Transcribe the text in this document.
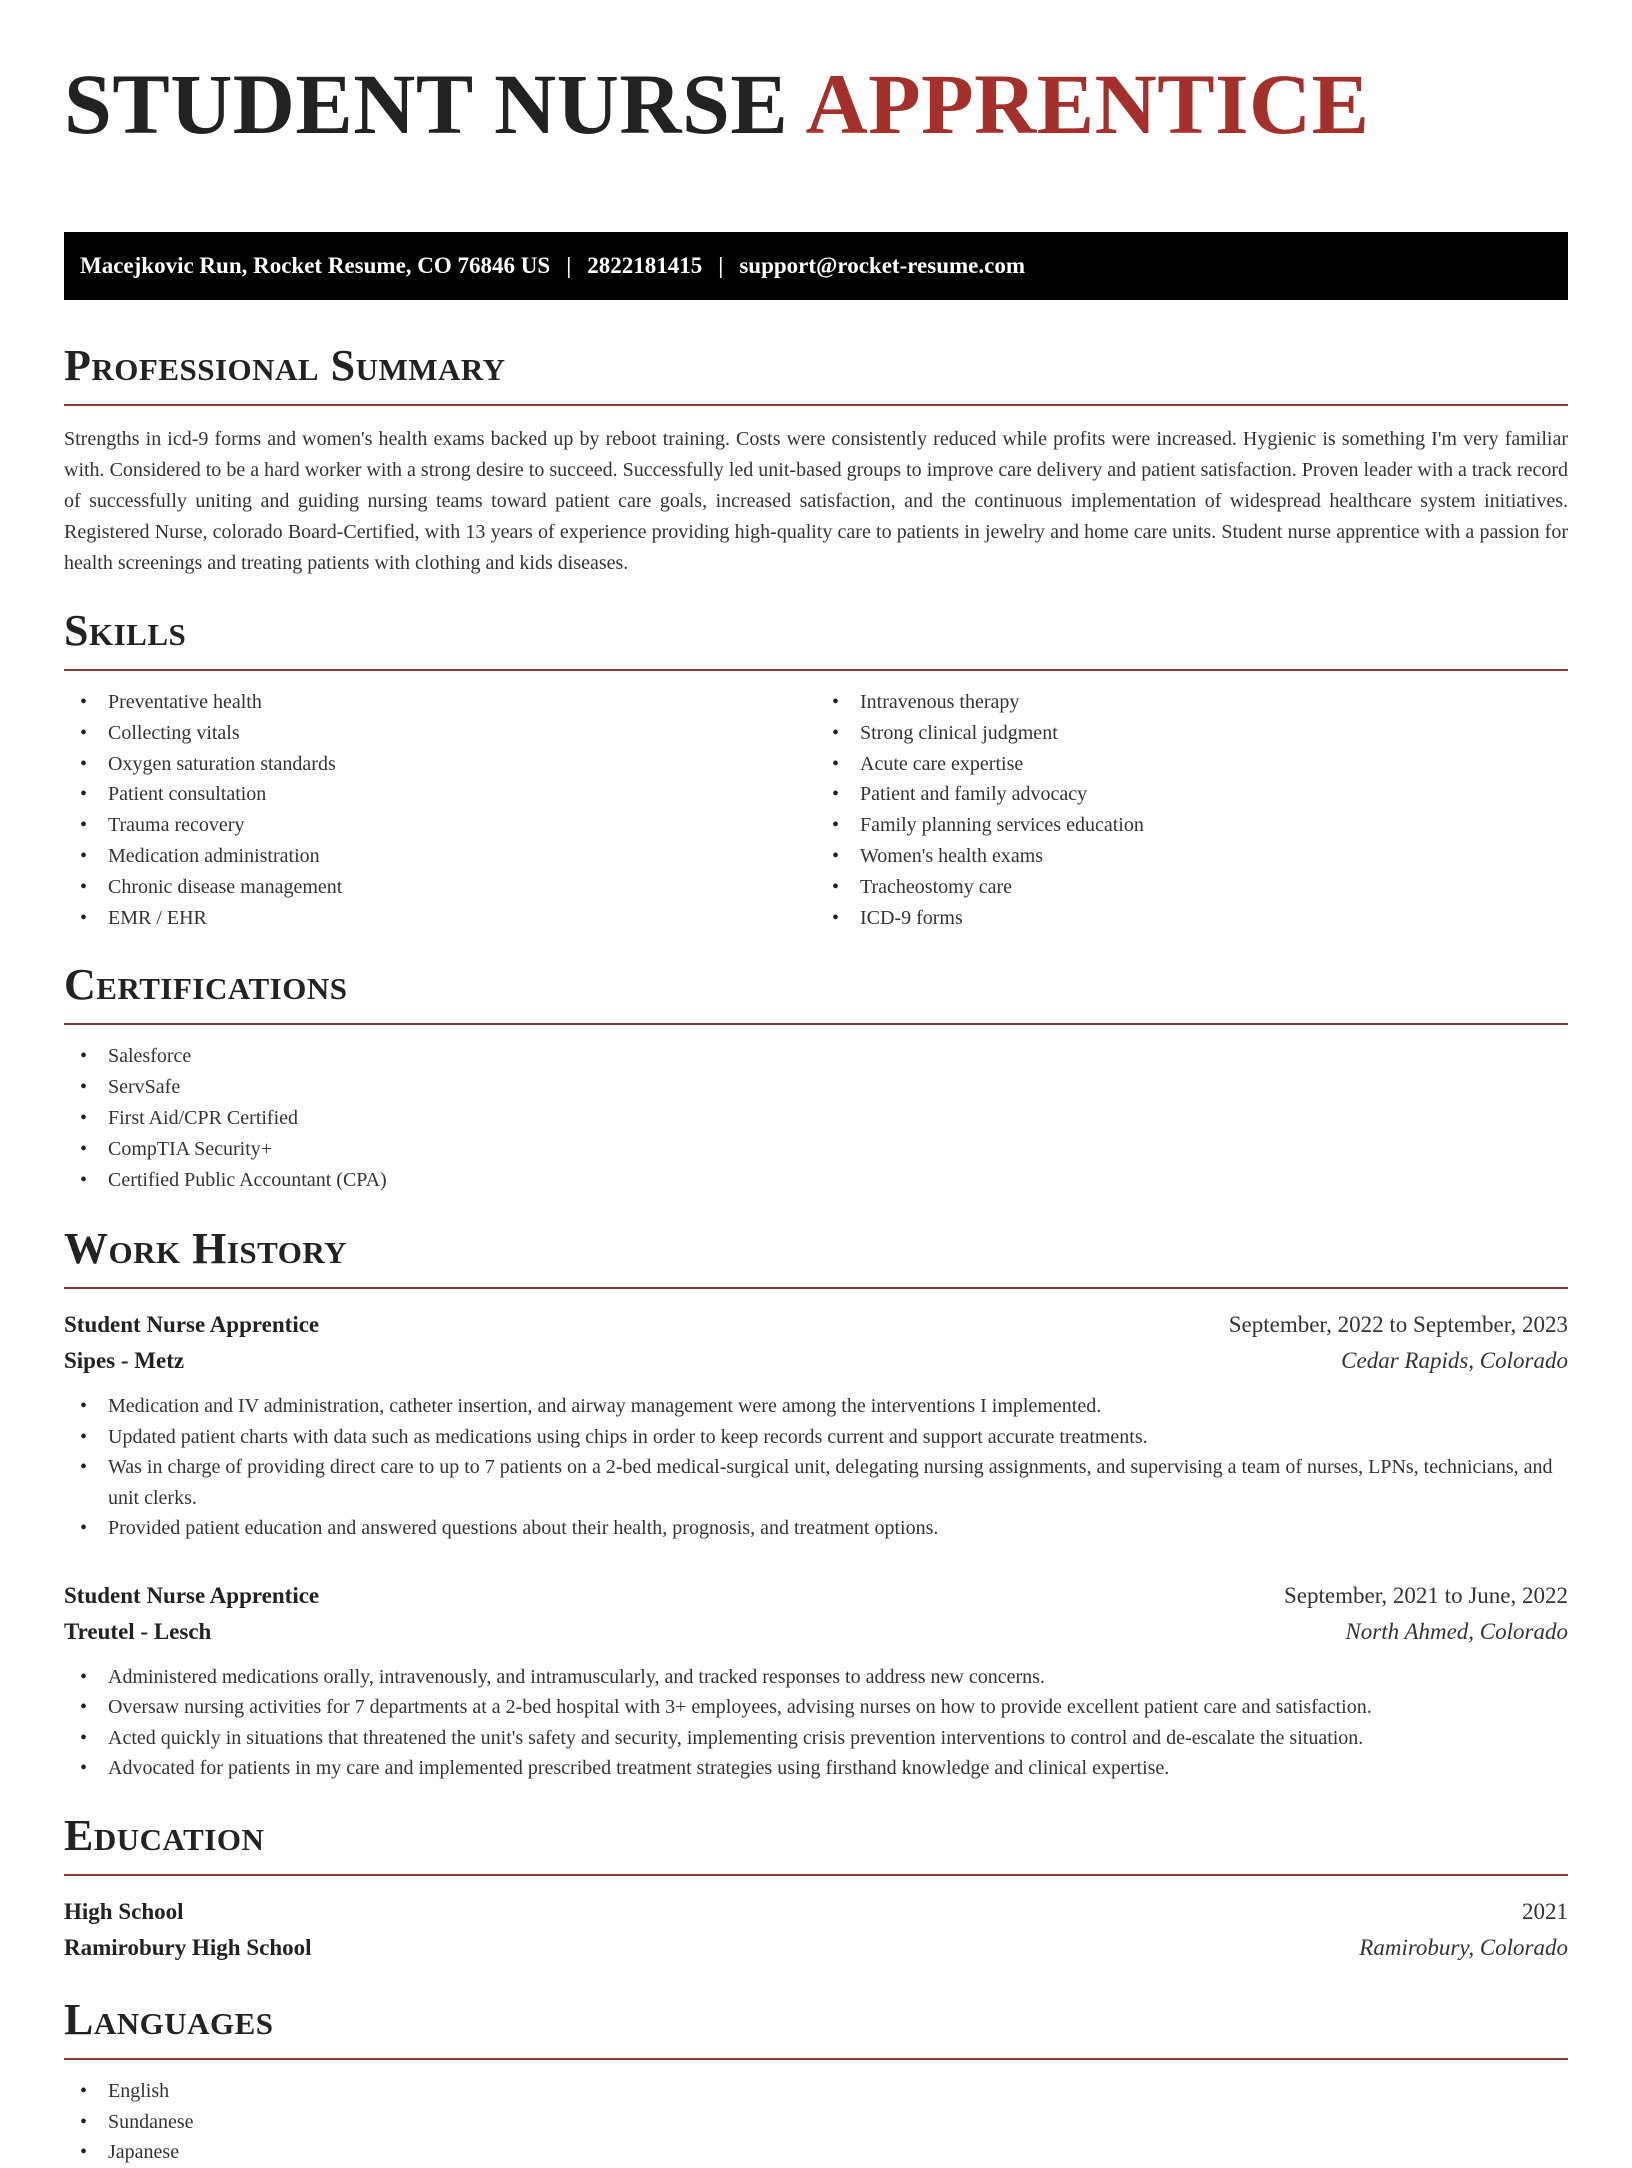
STUDENT NURSE APPRENTICE
Macejkovic Run, Rocket Resume, CO 76846 US | 2822181415 | support@rocket-resume.com
Professional Summary

Strengths in icd-9 forms and women's health exams backed up by reboot training. Costs were consistently reduced while profits were increased. Hygienic is something I'm very familiar with. Considered to be a hard worker with a strong desire to succeed. Successfully led unit-based groups to improve care delivery and patient satisfaction. Proven leader with a track record of successfully uniting and guiding nursing teams toward patient care goals, increased satisfaction, and the continuous implementation of widespread healthcare system initiatives. Registered Nurse, colorado Board-Certified, with 13 years of experience providing high-quality care to patients in jewelry and home care units. Student nurse apprentice with a passion for health screenings and treating patients with clothing and kids diseases.

Skills
• Preventative health
• Collecting vitals
• Oxygen saturation standards
• Patient consultation
• Trauma recovery
• Medication administration
• Chronic disease management
• EMR / EHR
• Intravenous therapy
• Strong clinical judgment
• Acute care expertise
• Patient and family advocacy
• Family planning services education
• Women's health exams
• Tracheostomy care
• ICD-9 forms
Certifications
• Salesforce
• ServSafe
• First Aid/CPR Certified
• CompTIA Security+
• Certified Public Accountant (CPA)
Work History
Student Nurse Apprentice	September, 2022 to September, 2023
Sipes - Metz	Cedar Rapids, Colorado
• Medication and IV administration, catheter insertion, and airway management were among the interventions I implemented.
• Updated patient charts with data such as medications using chips in order to keep records current and support accurate treatments.
• Was in charge of providing direct care to up to 7 patients on a 2-bed medical-surgical unit, delegating nursing assignments, and supervising a team of nurses, LPNs, technicians, and unit clerks.
• Provided patient education and answered questions about their health, prognosis, and treatment options.
Student Nurse Apprentice	September, 2021 to June, 2022
Treutel - Lesch	North Ahmed, Colorado
• Administered medications orally, intravenously, and intramuscularly, and tracked responses to address new concerns.
• Oversaw nursing activities for 7 departments at a 2-bed hospital with 3+ employees, advising nurses on how to provide excellent patient care and satisfaction.
• Acted quickly in situations that threatened the unit's safety and security, implementing crisis prevention interventions to control and de-escalate the situation.
• Advocated for patients in my care and implemented prescribed treatment strategies using firsthand knowledge and clinical expertise.
Education
High School	2021
Ramirobury High School	Ramirobury, Colorado
Languages
• English
• Sundanese
• Japanese
